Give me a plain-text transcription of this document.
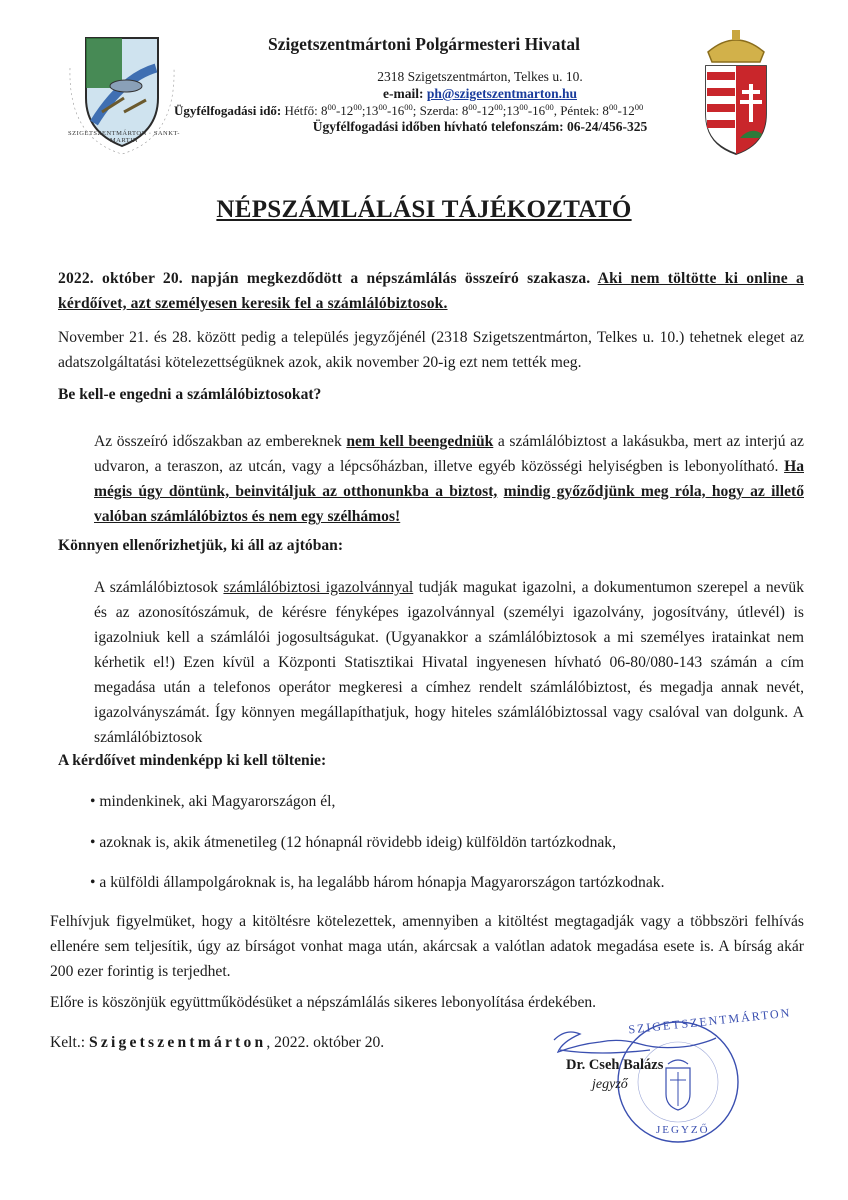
SZIGETSZENTMÁRTON · SANKT-MARTIN
Szigetszentmártoni Polgármesteri Hivatal
2318 Szigetszentmárton, Telkes u. 10.
e-mail: ph@szigetszentmarton.hu
Ügyfélfogadási idő: Hétfő: $8^{00}-12^{00};13^{00}-16^{00}$; Szerda: $8^{00}-12^{00};13^{00}-16^{00}$, Péntek: $8^{00}-12^{00}$
Ügyfélfogadási időben hívható telefonszám: 06-24/456-325
NÉPSZÁMLÁLÁSI TÁJÉKOZTATÓ

2022. október 20. napján megkezdődött a népszámlálás összeíró szakasza. Aki nem töltötte ki online a kérdőívet, azt személyesen keresik fel a számlálóbiztosok.

November 21. és 28. között pedig a település jegyzőjénél (2318 Szigetszentmárton, Telkes u. 10.) tehetnek eleget az adatszolgáltatási kötelezettségüknek azok, akik november 20-ig ezt nem tették meg.

Be kell-e engedni a számlálóbiztosokat?

Az összeíró időszakban az embereknek nem kell beengedniük a számlálóbiztost a lakásukba, mert az interjú az udvaron, a teraszon, az utcán, vagy a lépcsőházban, illetve egyéb közösségi helyiségben is lebonyolítható. Ha mégis úgy döntünk, beinvitáljuk az otthonunkba a biztost, mindig győződjünk meg róla, hogy az illető valóban számlálóbiztos és nem egy szélhámos!

Könnyen ellenőrizhetjük, ki áll az ajtóban:

A számlálóbiztosok számlálóbiztosi igazolvánnyal tudják magukat igazolni, a dokumentumon szerepel a nevük és az azonosítószámuk, de kérésre fényképes igazolvánnyal (személyi igazolvány, jogosítvány, útlevél) is igazolniuk kell a számlálói jogosultságukat. (Ugyanakkor a számlálóbiztosok a mi személyes iratainkat nem kérhetik el!) Ezen kívül a Központi Statisztikai Hivatal ingyenesen hívható 06-80/080-143 számán a cím megadása után a telefonos operátor megkeresi a címhez rendelt számlálóbiztost, és megadja annak nevét, igazolványszámát. Így könnyen megállapíthatjuk, hogy hiteles számlálóbiztossal vagy csalóval van dolgunk. A számlálóbiztosok

A kérdőívet mindenképp ki kell töltenie:
• mindenkinek, aki Magyarországon él,
• azoknak is, akik átmenetileg (12 hónapnál rövidebb ideig) külföldön tartózkodnak,
• a külföldi állampolgároknak is, ha legalább három hónapja Magyarországon tartózkodnak.

Felhívjuk figyelmüket, hogy a kitöltésre kötelezettek, amennyiben a kitöltést megtagadják vagy a többszöri felhívás ellenére sem teljesítik, úgy az bírságot vonhat maga után, akárcsak a valótlan adatok megadása esete is. A bírság akár 200 ezer forintig is terjedhet.

Előre is köszönjük együttműködésüket a népszámlálás sikeres lebonyolítása érdekében.
Kelt.: Szigetszentmárton, 2022. október 20.
SZIGETSZENTMÁRTON
JEGYZŐ
Dr. Cseh Balázs
jegyző
